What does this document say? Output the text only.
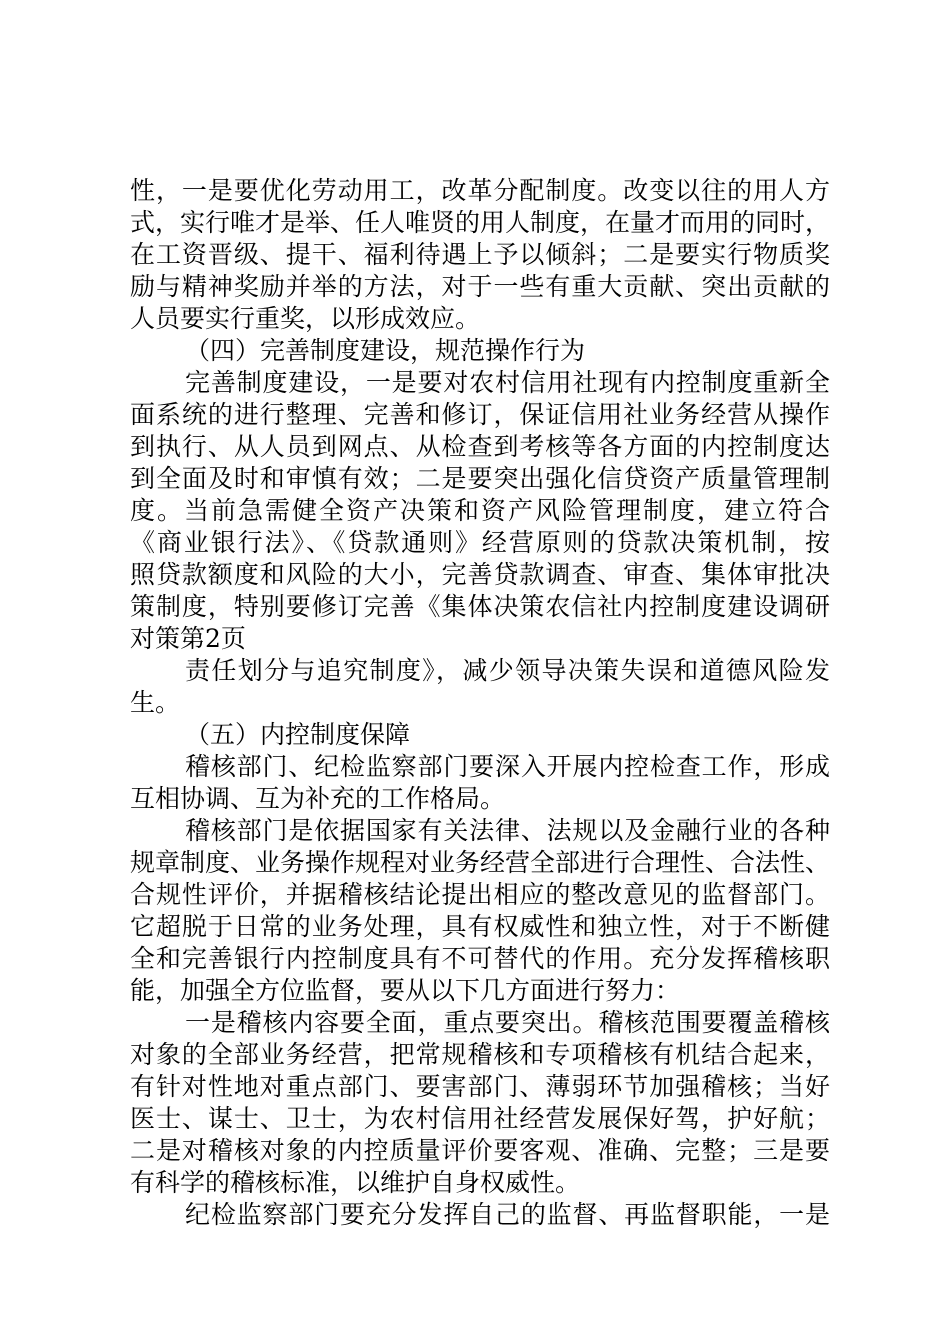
性，一是要优化劳动用工，改革分配制度。改变以往的用人方
式，实行唯才是举、任人唯贤的用人制度，在量才而用的同时，
在工资晋级、提干、福利待遇上予以倾斜；二是要实行物质奖
励与精神奖励并举的方法，对于一些有重大贡献、突出贡献的
人员要实行重奖，以形成效应。
（四）完善制度建设，规范操作行为
完善制度建设，一是要对农村信用社现有内控制度重新全
面系统的进行整理、完善和修订，保证信用社业务经营从操作
到执行、从人员到网点、从检查到考核等各方面的内控制度达
到全面及时和审慎有效；二是要突出强化信贷资产质量管理制
度。当前急需健全资产决策和资产风险管理制度，建立符合
《商业银行法》、《贷款通则》经营原则的贷款决策机制，按
照贷款额度和风险的大小，完善贷款调查、审查、集体审批决
策制度，特别要修订完善《集体决策农信社内控制度建设调研
对策第2页
责任划分与追究制度》，减少领导决策失误和道德风险发
生。
（五）内控制度保障
稽核部门、纪检监察部门要深入开展内控检查工作，形成
互相协调、互为补充的工作格局。
稽核部门是依据国家有关法律、法规以及金融行业的各种
规章制度、业务操作规程对业务经营全部进行合理性、合法性、
合规性评价，并据稽核结论提出相应的整改意见的监督部门。
它超脱于日常的业务处理，具有权威性和独立性，对于不断健
全和完善银行内控制度具有不可替代的作用。充分发挥稽核职
能，加强全方位监督，要从以下几方面进行努力：
一是稽核内容要全面，重点要突出。稽核范围要覆盖稽核
对象的全部业务经营，把常规稽核和专项稽核有机结合起来，
有针对性地对重点部门、要害部门、薄弱环节加强稽核；当好
医士、谋士、卫士，为农村信用社经营发展保好驾，护好航；
二是对稽核对象的内控质量评价要客观、准确、完整；三是要
有科学的稽核标准，以维护自身权威性。
纪检监察部门要充分发挥自己的监督、再监督职能，一是
